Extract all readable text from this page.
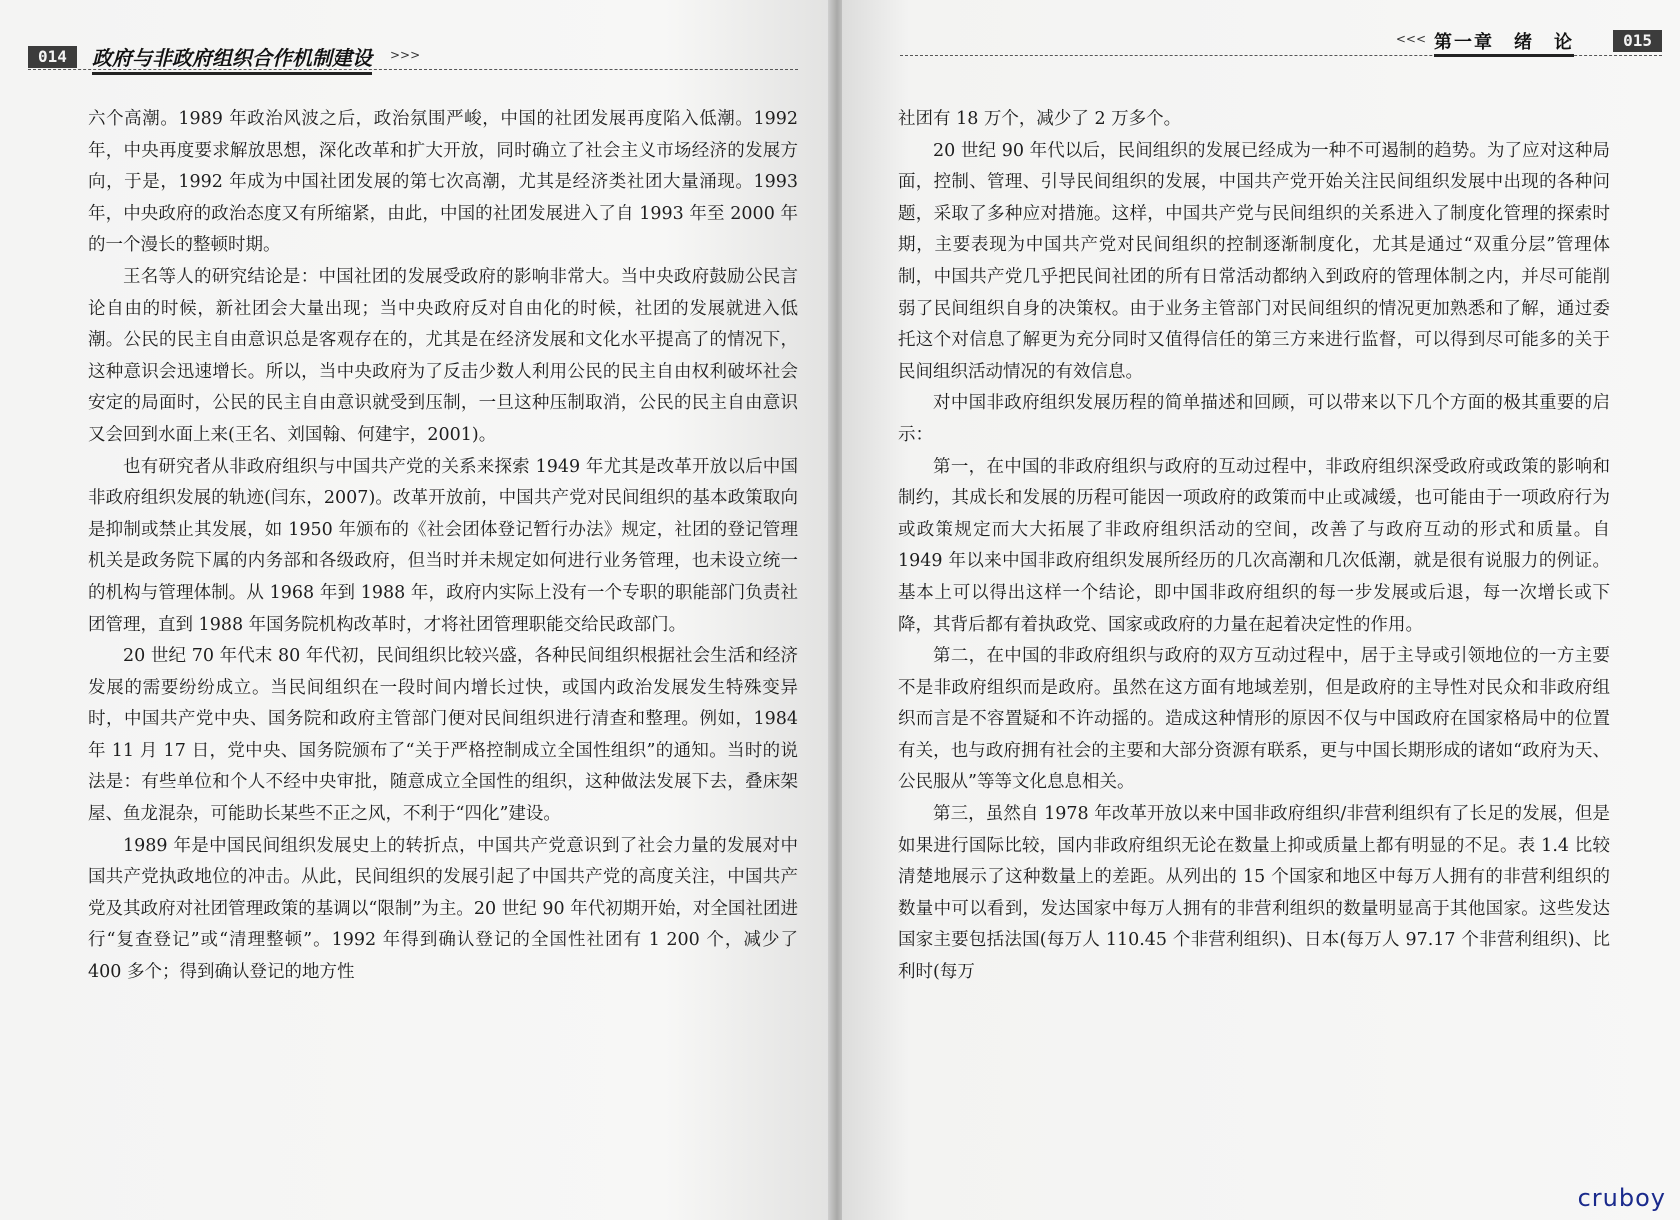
014	政府与非政府组织合作机制建设 >>>

六个高潮。1989 年政治风波之后，政治氛围严峻，中国的社团发展再度陷入低潮。1992 年，中央再度要求解放思想，深化改革和扩大开放，同时确立了社会主义市场经济的发展方向，于是，1992 年成为中国社团发展的第七次高潮，尤其是经济类社团大量涌现。1993 年，中央政府的政治态度又有所缩紧，由此，中国的社团发展进入了自 1993 年至 2000 年的一个漫长的整顿时期。

王名等人的研究结论是：中国社团的发展受政府的影响非常大。当中央政府鼓励公民言论自由的时候，新社团会大量出现；当中央政府反对自由化的时候，社团的发展就进入低潮。公民的民主自由意识总是客观存在的，尤其是在经济发展和文化水平提高了的情况下，这种意识会迅速增长。所以，当中央政府为了反击少数人利用公民的民主自由权利破坏社会安定的局面时，公民的民主自由意识就受到压制，一旦这种压制取消，公民的民主自由意识又会回到水面上来(王名、刘国翰、何建宇，2001)。

也有研究者从非政府组织与中国共产党的关系来探索 1949 年尤其是改革开放以后中国非政府组织发展的轨迹(闫东，2007)。改革开放前，中国共产党对民间组织的基本政策取向是抑制或禁止其发展，如 1950 年颁布的《社会团体登记暂行办法》规定，社团的登记管理机关是政务院下属的内务部和各级政府，但当时并未规定如何进行业务管理，也未设立统一的机构与管理体制。从 1968 年到 1988 年，政府内实际上没有一个专职的职能部门负责社团管理，直到 1988 年国务院机构改革时，才将社团管理职能交给民政部门。

20 世纪 70 年代末 80 年代初，民间组织比较兴盛，各种民间组织根据社会生活和经济发展的需要纷纷成立。当民间组织在一段时间内增长过快，或国内政治发展发生特殊变异时，中国共产党中央、国务院和政府主管部门便对民间组织进行清查和整理。例如，1984 年 11 月 17 日，党中央、国务院颁布了“关于严格控制成立全国性组织”的通知。当时的说法是：有些单位和个人不经中央审批，随意成立全国性的组织，这种做法发展下去，叠床架屋、鱼龙混杂，可能助长某些不正之风，不利于“四化”建设。

1989 年是中国民间组织发展史上的转折点，中国共产党意识到了社会力量的发展对中国共产党执政地位的冲击。从此，民间组织的发展引起了中国共产党的高度关注，中国共产党及其政府对社团管理政策的基调以“限制”为主。20 世纪 90 年代初期开始，对全国社团进行“复查登记”或“清理整顿”。1992 年得到确认登记的全国性社团有 1 200 个，减少了 400 多个；得到确认登记的地方性

社团有 18 万个，减少了 2 万多个。

20 世纪 90 年代以后，民间组织的发展已经成为一种不可遏制的趋势。为了应对这种局面，控制、管理、引导民间组织的发展，中国共产党开始关注民间组织发展中出现的各种问题，采取了多种应对措施。这样，中国共产党与民间组织的关系进入了制度化管理的探索时期，主要表现为中国共产党对民间组织的控制逐渐制度化，尤其是通过“双重分层”管理体制，中国共产党几乎把民间社团的所有日常活动都纳入到政府的管理体制之内，并尽可能削弱了民间组织自身的决策权。由于业务主管部门对民间组织的情况更加熟悉和了解，通过委托这个对信息了解更为充分同时又值得信任的第三方来进行监督，可以得到尽可能多的关于民间组织活动情况的有效信息。

对中国非政府组织发展历程的简单描述和回顾，可以带来以下几个方面的极其重要的启示：

第一，在中国的非政府组织与政府的互动过程中，非政府组织深受政府或政策的影响和制约，其成长和发展的历程可能因一项政府的政策而中止或减缓，也可能由于一项政府行为或政策规定而大大拓展了非政府组织活动的空间，改善了与政府互动的形式和质量。自 1949 年以来中国非政府组织发展所经历的几次高潮和几次低潮，就是很有说服力的例证。基本上可以得出这样一个结论，即中国非政府组织的每一步发展或后退，每一次增长或下降，其背后都有着执政党、国家或政府的力量在起着决定性的作用。

第二，在中国的非政府组织与政府的双方互动过程中，居于主导或引领地位的一方主要不是非政府组织而是政府。虽然在这方面有地域差别，但是政府的主导性对民众和非政府组织而言是不容置疑和不许动摇的。造成这种情形的原因不仅与中国政府在国家格局中的位置有关，也与政府拥有社会的主要和大部分资源有联系，更与中国长期形成的诸如“政府为天、公民服从”等等文化息息相关。

第三，虽然自 1978 年改革开放以来中国非政府组织/非营利组织有了长足的发展，但是如果进行国际比较，国内非政府组织无论在数量上抑或质量上都有明显的不足。表 1.4 比较清楚地展示了这种数量上的差距。从列出的 15 个国家和地区中每万人拥有的非营利组织的数量中可以看到，发达国家中每万人拥有的非营利组织的数量明显高于其他国家。这些发达国家主要包括法国(每万人 110.45 个非营利组织)、日本(每万人 97.17 个非营利组织)、比利时(每万

<<< 第一章　绪　论	015
cruboy
